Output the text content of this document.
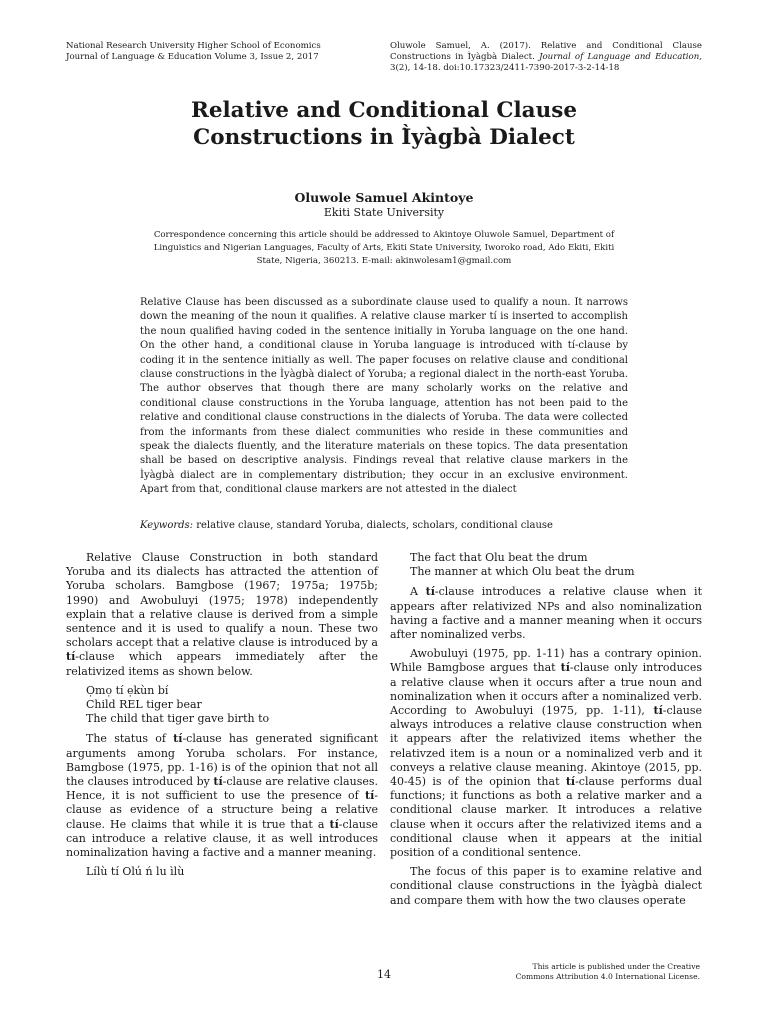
National Research University Higher School of Economics
Journal of Language & Education Volume 3, Issue 2, 2017
Oluwole Samuel, A. (2017). Relative and Conditional Clause Constructions in Ì̀yàgbà Dialect. Journal of Language and Education, 3(2), 14-18. doi:10.17323/2411-7390-2017-3-2-14-18
Relative and Conditional Clause
Constructions in Ì̀yàgbà Dialect
Oluwole Samuel Akintoye
Ekiti State University
Correspondence concerning this article should be addressed to Akintoye Oluwole Samuel, Department of Linguistics and Nigerian Languages, Faculty of Arts, Ekiti State University, Iworoko road, Ado Ekiti, Ekiti State, Nigeria, 360213. E-mail: akinwolesam1@gmail.com
Relative Clause has been discussed as a subordinate clause used to qualify a noun. It narrows down the meaning of the noun it qualifies. A relative clause marker tí is inserted to accomplish the noun qualified having coded in the sentence initially in Yoruba language on the one hand. On the other hand, a conditional clause in Yoruba language is introduced with tí-clause by coding it in the sentence initially as well. The paper focuses on relative clause and conditional clause constructions in the Ìyàgbà dialect of Yoruba; a regional dialect in the north-east Yoruba. The author observes that though there are many scholarly works on the relative and conditional clause constructions in the Yoruba language, attention has not been paid to the relative and conditional clause constructions in the dialects of Yoruba. The data were collected from the informants from these dialect communities who reside in these communities and speak the dialects fluently, and the literature materials on these topics. The data presentation shall be based on descriptive analysis. Findings reveal that relative clause markers in the Ìyàgbà dialect are in complementary distribution; they occur in an exclusive environment. Apart from that, conditional clause markers are not attested in the dialect
Keywords: relative clause, standard Yoruba, dialects, scholars, conditional clause

Relative Clause Construction in both standard Yoruba and its dialects has attracted the attention of Yoruba scholars. Bamgbose (1967; 1975a; 1975b; 1990) and Awobuluyi (1975; 1978) independently explain that a relative clause is derived from a simple sentence and it is used to qualify a noun. These two scholars accept that a relative clause is introduced by a tí-clause which appears immediately after the relativized items as shown below.

Ọmọ tí ẹkùn bí
Child REL tiger bear
The child that tiger gave birth to

The status of tí-clause has generated significant arguments among Yoruba scholars. For instance, Bamgbose (1975, pp. 1-16) is of the opinion that not all the clauses introduced by tí-clause are relative clauses. Hence, it is not sufficient to use the presence of tí- clause as evidence of a structure being a relative clause. He claims that while it is true that a tí-clause can introduce a relative clause, it as well introduces nominalization having a factive and a manner meaning.

Lílù tí Olú ń lu ìlù
The fact that Olu beat the drum
The manner at which Olu beat the drum

A tí-clause introduces a relative clause when it appears after relativized NPs and also nominalization having a factive and a manner meaning when it occurs after nominalized verbs.

Awobuluyi (1975, pp. 1-11) has a contrary opinion. While Bamgbose argues that tí-clause only introduces a relative clause when it occurs after a true noun and nominalization when it occurs after a nominalized verb. According to Awobuluyi (1975, pp. 1-11), tí-clause always introduces a relative clause construction when it appears after the relativized items whether the relativzed item is a noun or a nominalized verb and it conveys a relative clause meaning. Akintoye (2015, pp. 40-45) is of the opinion that tí-clause performs dual functions; it functions as both a relative marker and a conditional clause marker. It introduces a relative clause when it occurs after the relativized items and a conditional clause when it appears at the initial position of a conditional sentence.

The focus of this paper is to examine relative and conditional clause constructions in the Ìyàgbà dialect and compare them with how the two clauses operate

14
This article is published under the Creative
Commons Attribution 4.0 International License.
